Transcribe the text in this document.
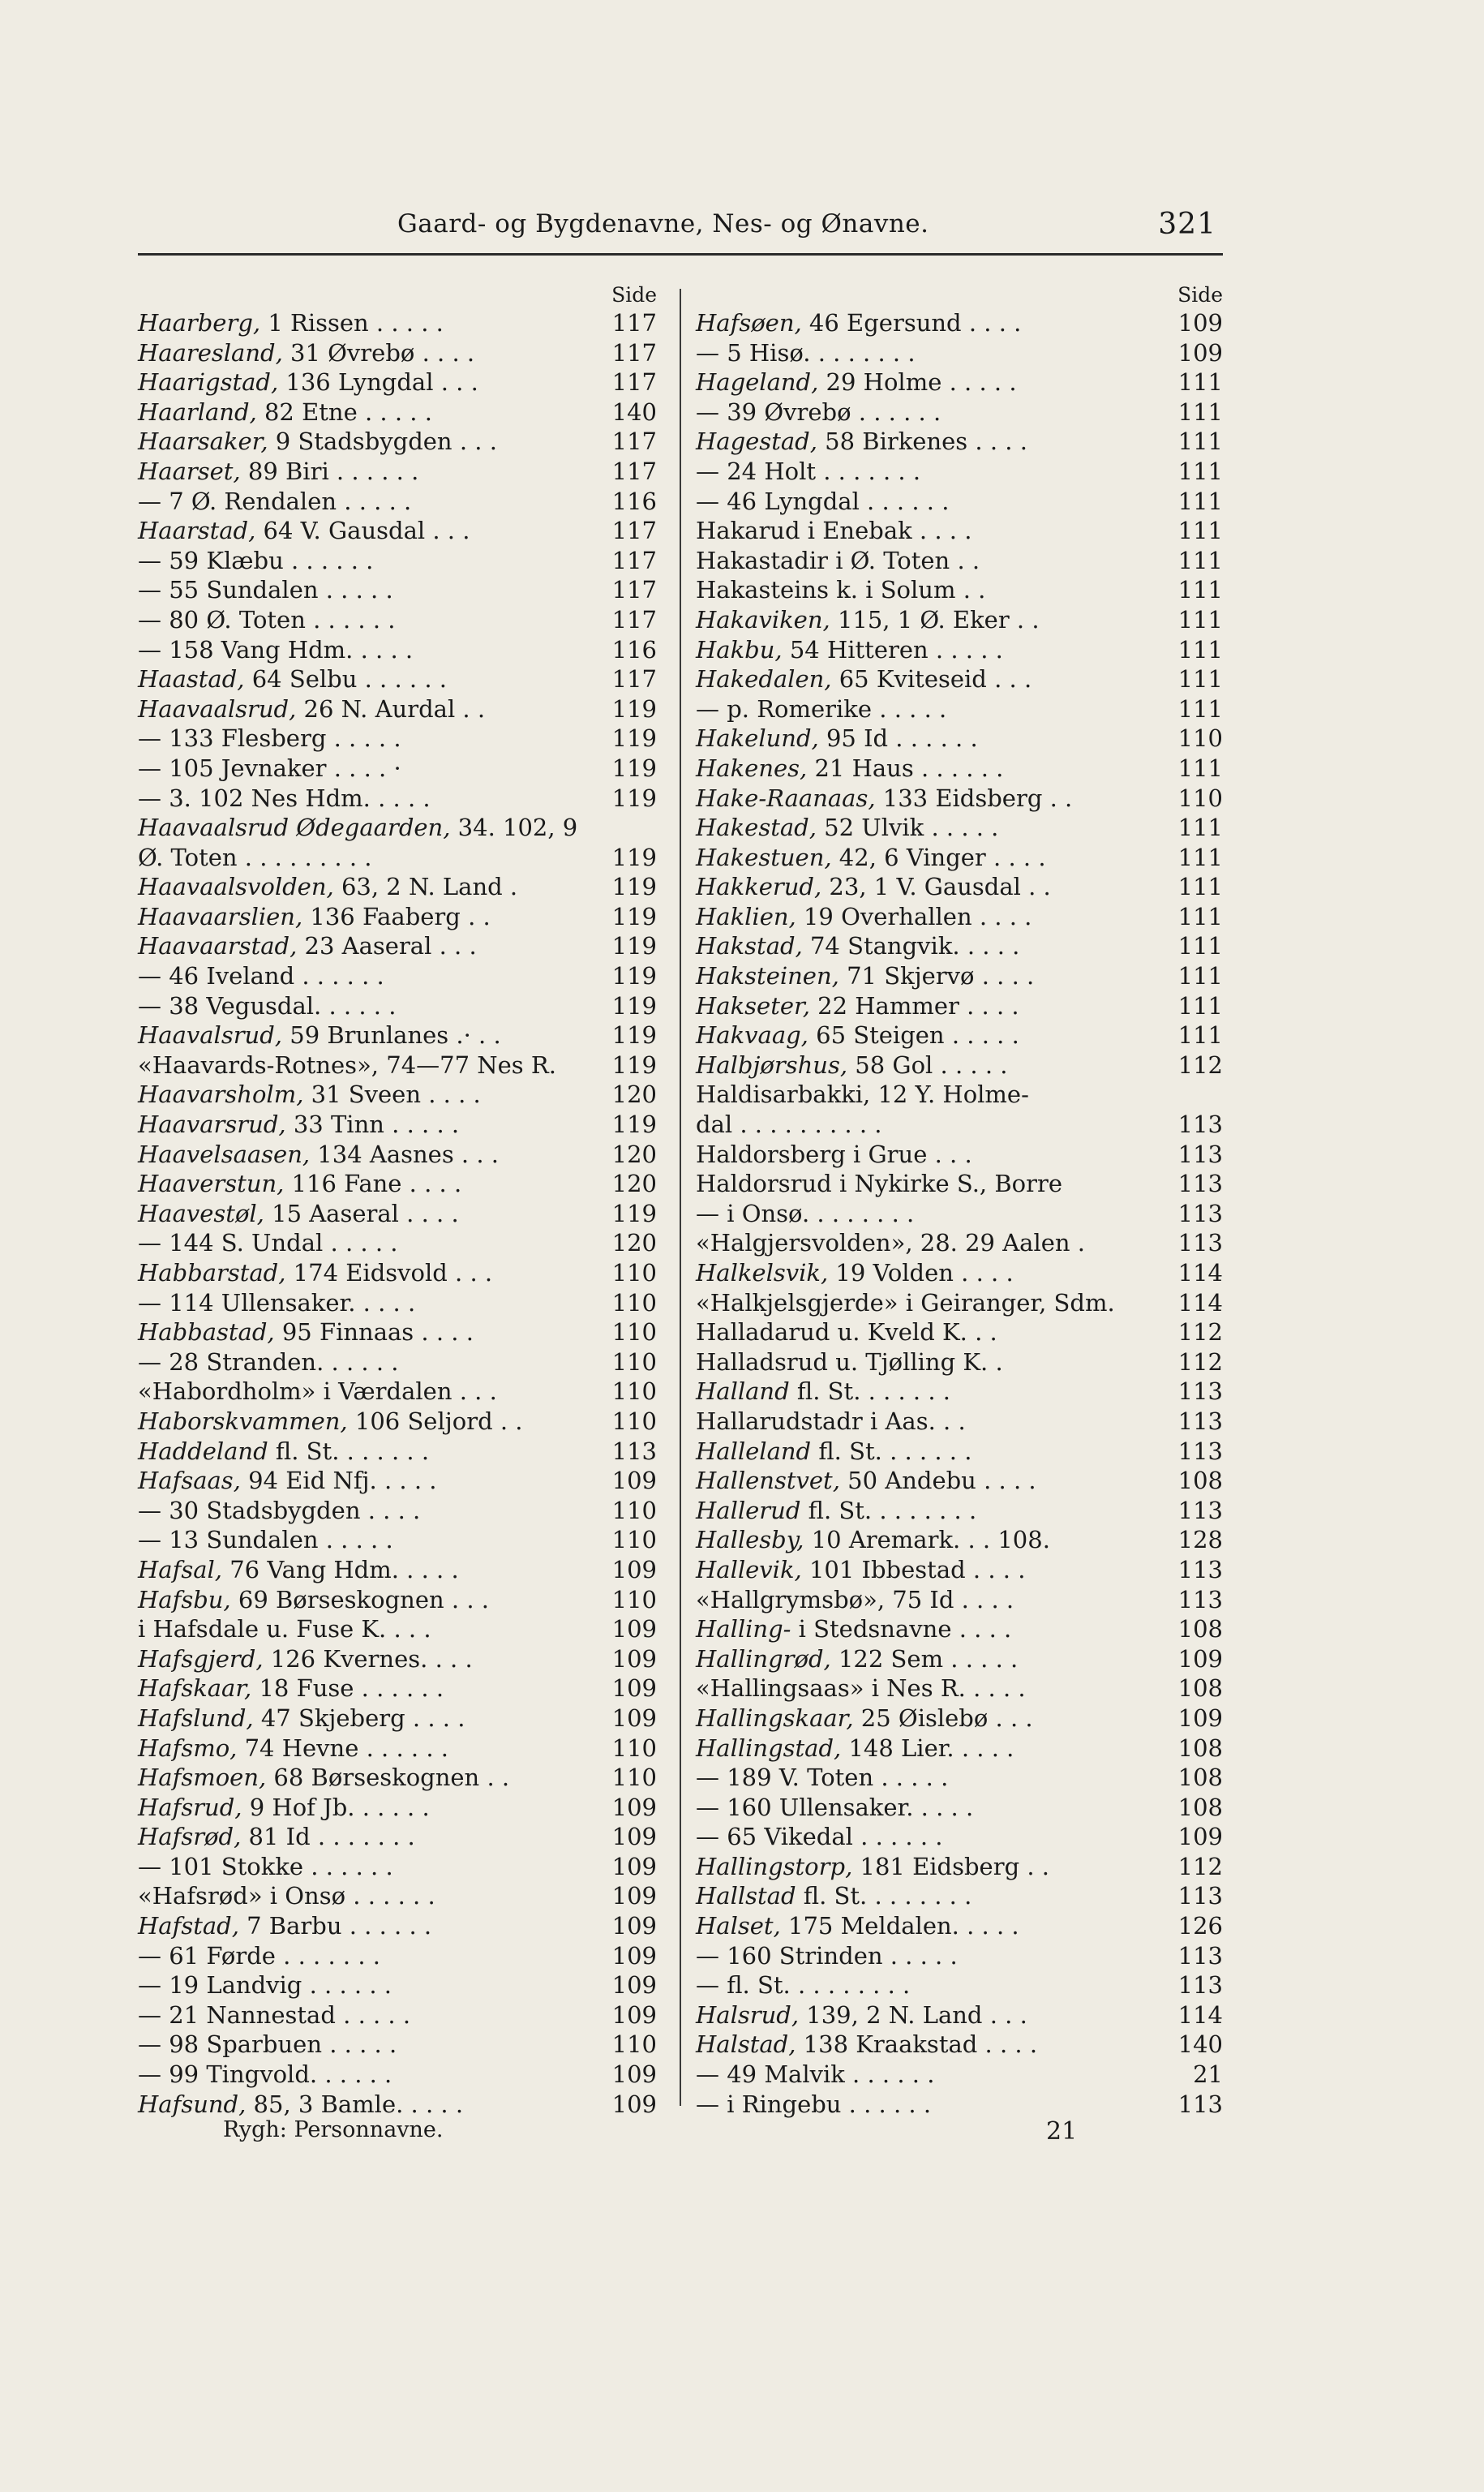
Gaard- og Bygdenavne, Nes- og Ønavne.	321
Side
Haarberg, 1 Rissen . . . . .	117
Haaresland, 31 Øvrebø . . . .	117
Haarigstad, 136 Lyngdal . . .	117
Haarland, 82 Etne . . . . .	140
Haarsaker, 9 Stadsbygden . . .	117
Haarset, 89 Biri . . . . . .	117
— 7 Ø. Rendalen . . . . .	116
Haarstad, 64 V. Gausdal . . .	117
— 59 Klæbu . . . . . .	117
— 55 Sundalen . . . . .	117
— 80 Ø. Toten . . . . . .	117
— 158 Vang Hdm. . . . .	116
Haastad, 64 Selbu . . . . . .	117
Haavaalsrud, 26 N. Aurdal . .	119
— 133 Flesberg . . . . .	119
— 105 Jevnaker . . . . ·	119
— 3. 102 Nes Hdm. . . . .	119
Haavaalsrud Ødegaarden, 34. 102, 9
Ø. Toten . . . . . . . . .	119
Haavaalsvolden, 63, 2 N. Land .	119
Haavaarslien, 136 Faaberg . .	119
Haavaarstad, 23 Aaseral . . .	119
— 46 Iveland . . . . . .	119
— 38 Vegusdal. . . . . .	119
Haavalsrud, 59 Brunlanes .· . .	119
«Haavards-Rotnes», 74—77 Nes R. 119
Haavarsholm, 31 Sveen . . . .	120
Haavarsrud, 33 Tinn . . . . .	119
Haavelsaasen, 134 Aasnes . . .	120
Haaverstun, 116 Fane . . . .	120
Haavestøl, 15 Aaseral . . . .	119
— 144 S. Undal . . . . .	120
Habbarstad, 174 Eidsvold . . .	110
— 114 Ullensaker. . . . .	110
Habbastad, 95 Finnaas . . . .	110
— 28 Stranden. . . . . .	110
«Habordholm» i Værdalen . . .	110
Haborskvammen, 106 Seljord . .	110
Haddeland fl. St. . . . . . .	113
Hafsaas, 94 Eid Nfj. . . . .	109
— 30 Stadsbygden . . . .	110
— 13 Sundalen . . . . .	110
Hafsal, 76 Vang Hdm. . . . .	109
Hafsbu, 69 Børseskognen . . .	110
i Hafsdale u. Fuse K. . . .	109
Hafsgjerd, 126 Kvernes. . . .	109
Hafskaar, 18 Fuse . . . . . .	109
Hafslund, 47 Skjeberg . . . .	109
Hafsmo, 74 Hevne . . . . . .	110
Hafsmoen, 68 Børseskognen . .	110
Hafsrud, 9 Hof Jb. . . . . .	109
Hafsrød, 81 Id . . . . . . .	109
— 101 Stokke . . . . . .	109
«Hafsrød» i Onsø . . . . . .	109
Hafstad, 7 Barbu . . . . . .	109
— 61 Førde . . . . . . .	109
— 19 Landvig . . . . . .	109
— 21 Nannestad . . . . .	109
— 98 Sparbuen . . . . .	110
— 99 Tingvold. . . . . .	109
Hafsund, 85, 3 Bamle. . . . .	109
Side
Hafsøen, 46 Egersund . . . .	109
— 5 Hisø. . . . . . . .	109
Hageland, 29 Holme . . . . .	111
— 39 Øvrebø . . . . . .	111
Hagestad, 58 Birkenes . . . .	111
— 24 Holt . . . . . . .	111
— 46 Lyngdal . . . . . .	111
Hakarud i Enebak . . . .	111
Hakastadir i Ø. Toten . .	111
Hakasteins k. i Solum . .	111
Hakaviken, 115, 1 Ø. Eker . .	111
Hakbu, 54 Hitteren . . . . .	111
Hakedalen, 65 Kviteseid . . .	111
— p. Romerike . . . . .	111
Hakelund, 95 Id . . . . . .	110
Hakenes, 21 Haus . . . . . .	111
Hake-Raanaas, 133 Eidsberg . .	110
Hakestad, 52 Ulvik . . . . .	111
Hakestuen, 42, 6 Vinger . . . .	111
Hakkerud, 23, 1 V. Gausdal . .	111
Haklien, 19 Overhallen . . . .	111
Hakstad, 74 Stangvik. . . . .	111
Haksteinen, 71 Skjervø . . . .	111
Hakseter, 22 Hammer . . . .	111
Hakvaag, 65 Steigen . . . . .	111
Halbjørshus, 58 Gol . . . . .	112
Haldisarbakki, 12 Y. Holme-
dal . . . . . . . . . .	113
Haldorsberg i Grue . . .	113
Haldorsrud i Nykirke S., Borre	113
— i Onsø. . . . . . . .	113
«Halgjersvolden», 28. 29 Aalen .	113
Halkelsvik, 19 Volden . . . .	114
«Halkjelsgjerde» i Geiranger, Sdm.	114
Halladarud u. Kveld K. . .	112
Halladsrud u. Tjølling K. .	112
Halland fl. St. . . . . . .	113
Hallarudstadr i Aas. . .	113
Halleland fl. St. . . . . . .	113
Hallenstvet, 50 Andebu . . . .	108
Hallerud fl. St. . . . . . . .	113
Hallesby, 10 Aremark. . . 108.	128
Hallevik, 101 Ibbestad . . . .	113
«Hallgrymsbø», 75 Id . . . .	113
Halling- i Stedsnavne . . . .	108
Hallingrød, 122 Sem . . . . .	109
«Hallingsaas» i Nes R. . . . .	108
Hallingskaar, 25 Øislebø . . .	109
Hallingstad, 148 Lier. . . . .	108
— 189 V. Toten . . . . .	108
— 160 Ullensaker. . . . .	108
— 65 Vikedal . . . . . .	109
Hallingstorp, 181 Eidsberg . .	112
Hallstad fl. St. . . . . . . .	113
Halset, 175 Meldalen. . . . .	126
— 160 Strinden . . . . .	113
— fl. St. . . . . . . . .	113
Halsrud, 139, 2 N. Land . . .	114
Halstad, 138 Kraakstad . . . .	140
— 49 Malvik . . . . . .	21
— i Ringebu . . . . . .	113
Rygh: Personnavne.	21
